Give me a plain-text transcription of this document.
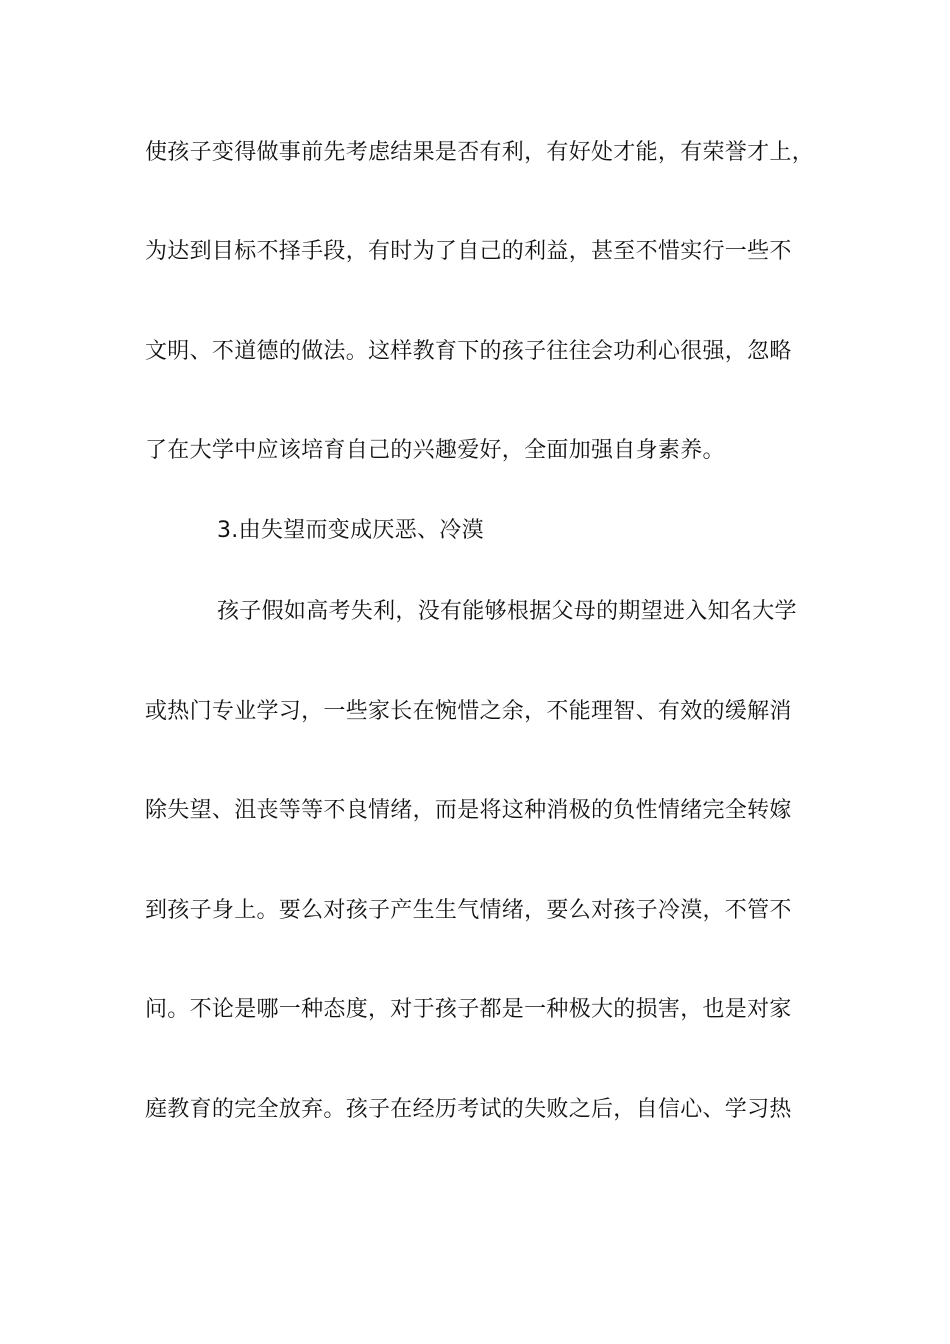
使孩子变得做事前先考虑结果是否有利，有好处才能，有荣誉才上，
为达到目标不择手段，有时为了自己的利益，甚至不惜实行一些不
文明、不道德的做法。这样教育下的孩子往往会功利心很强，忽略
了在大学中应该培育自己的兴趣爱好，全面加强自身素养。
3.由失望而变成厌恶、冷漠
孩子假如高考失利，没有能够根据父母的期望进入知名大学
或热门专业学习，一些家长在惋惜之余，不能理智、有效的缓解消
除失望、沮丧等等不良情绪，而是将这种消极的负性情绪完全转嫁
到孩子身上。要么对孩子产生生气情绪，要么对孩子冷漠，不管不
问。不论是哪一种态度，对于孩子都是一种极大的损害，也是对家
庭教育的完全放弃。孩子在经历考试的失败之后，自信心、学习热
